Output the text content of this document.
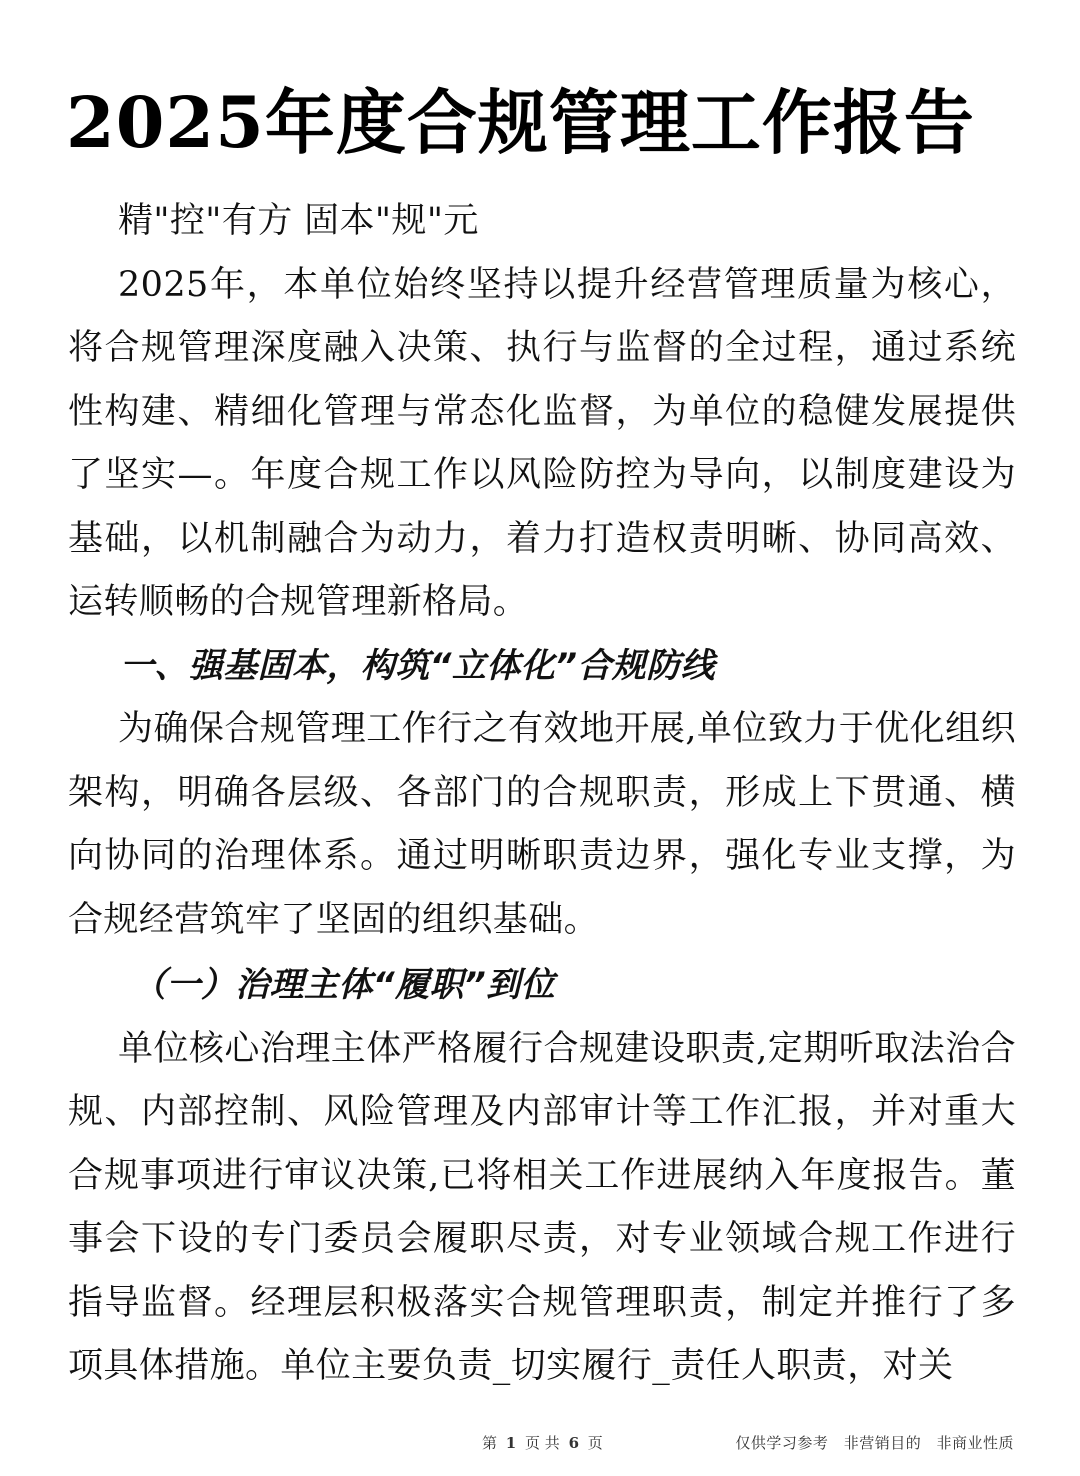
2025年度合规管理工作报告

精"控"有方 固本"规"元

2025年，本单位始终坚持以提升经营管理质量为核心，将合规管理深度融入决策、执行与监督的全过程，通过系统性构建、精细化管理与常态化监督，为单位的稳健发展提供了坚实—。年度合规工作以风险防控为导向，以制度建设为基础，以机制融合为动力，着力打造权责明晰、协同高效、运转顺畅的合规管理新格局。

一、强基固本，构筑“立体化”合规防线

为确保合规管理工作行之有效地开展,单位致力于优化组织架构，明确各层级、各部门的合规职责，形成上下贯通、横向协同的治理体系。通过明晰职责边界，强化专业支撑，为合规经营筑牢了坚固的组织基础。

（一）治理主体“履职”到位

单位核心治理主体严格履行合规建设职责,定期听取法治合规、内部控制、风险管理及内部审计等工作汇报，并对重大合规事项进行审议决策,已将相关工作进展纳入年度报告。董事会下设的专门委员会履职尽责，对专业领域合规工作进行指导监督。经理层积极落实合规管理职责，制定并推行了多项具体措施。单位主要负责_切实履行_责任人职责，对关

第 1 页 共 6 页	仅供学习参考 非营销目的 非商业性质
